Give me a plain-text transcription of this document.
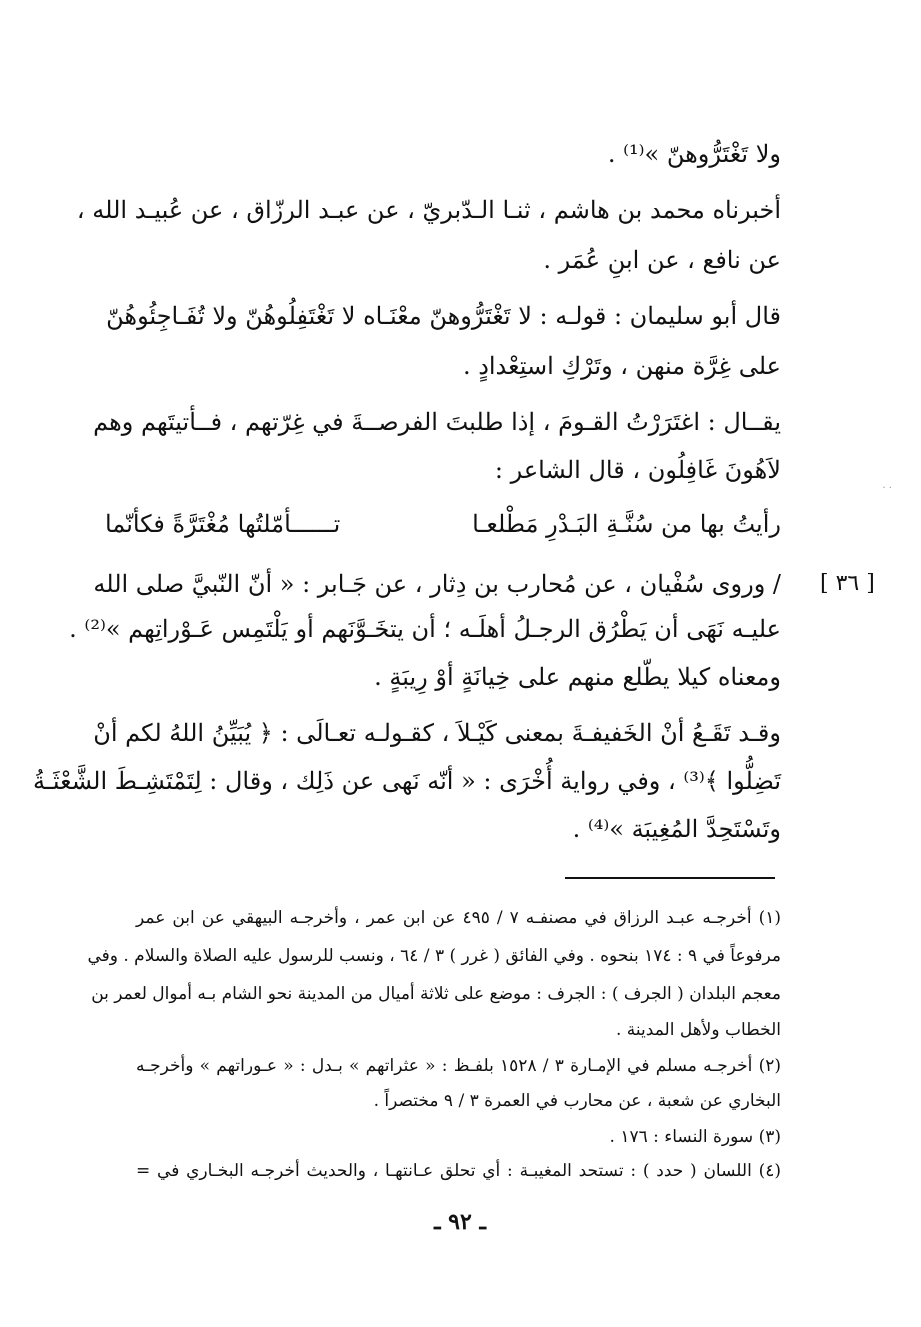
ولا تَغْتَرُّوهنّ »⁽¹⁾ .
أخبرناه محمد بن هاشم ، ثنـا الـدّبريّ ، عن عبـد الرزّاق ، عن عُبيـد الله ،
عن نافع ، عن ابنِ عُمَر .
قال أبو سليمان : قولـه : لا تَغْتَرُّوهنّ معْنَـاه لا تَغْتَفِلُوهُنّ ولا تُفَـاجِئُوهُنّ
على غِرَّة منهن ، وتَرْكِ استِعْدادٍ .
يقــال : اغتَرَرْتُ القـومَ ، إذا طلبتَ الفرصــةَ في غِرّتهم ، فــأتيتَهم وهم
لاَهُونَ غَافِلُون ، قال الشاعر :
رأيتُ بها من سُنَّـةِ البَـدْرِ مَطْلعـا
تــــــأمّلتُها مُغْتَرَّةً فكأنّما
[ ٣٦ ]
/ وروى سُفْيان ، عن مُحارب بن دِثار ، عن جَـابر : « أنّ النّبيَّ صلى الله
عليـه نَهَى أن يَطْرُق الرجـلُ أهلَـه ؛ أن يتخَـوَّنَهم أو يَلْتَمِس عَـوْراتِهم »⁽²⁾ .
ومعناه كيلا يطّلع منهم على خِيانَةٍ أوْ رِيبَةٍ .
وقـد تَقَـعُ أنْ الخَفيفـةَ بمعنى كَيْـلاَ ، كقـولـه تعـالَى : ﴿ يُبَيِّنُ اللهُ لكم أنْ
تَضِلُّوا ﴾⁽³⁾ ، وفي رواية أُخْرَى : « أنّه نَهى عن ذَلِك ، وقال : لِتَمْتَشِـطَ الشَّعْثَـةُ
وتَسْتَحِدَّ المُغِيبَة »⁽⁴⁾ .
(١) أخرجـه عبـد الرزاق في مصنفـه ٧ / ٤٩٥ عن ابن عمر ، وأخرجـه البيهقي عن ابن عمر
مرفوعاً في ٩ : ١٧٤ بنحوه . وفي الفائق ( غرر ) ٣ / ٦٤ ، ونسب للرسول عليه الصلاة والسلام . وفي
معجم البلدان ( الجرف ) : الجرف : موضع على ثلاثة أميال من المدينة نحو الشام بـه أموال لعمر بن
الخطاب ولأهل المدينة .
(٢) أخرجـه مسلم في الإمـارة ٣ / ١٥٢٨ بلفـظ : « عثراتهم » بـدل : « عـوراتهم » وأخرجـه
البخاري عن شعبة ، عن محارب في العمرة ٣ / ٩ مختصراً .
(٣) سورة النساء : ١٧٦ .
(٤) اللسان ( حدد ) : تستحد المغيبـة : أي تحلق عـانتهـا ، والحديث أخرجـه البخـاري في =
ـ ٩٢ ـ
· ·
